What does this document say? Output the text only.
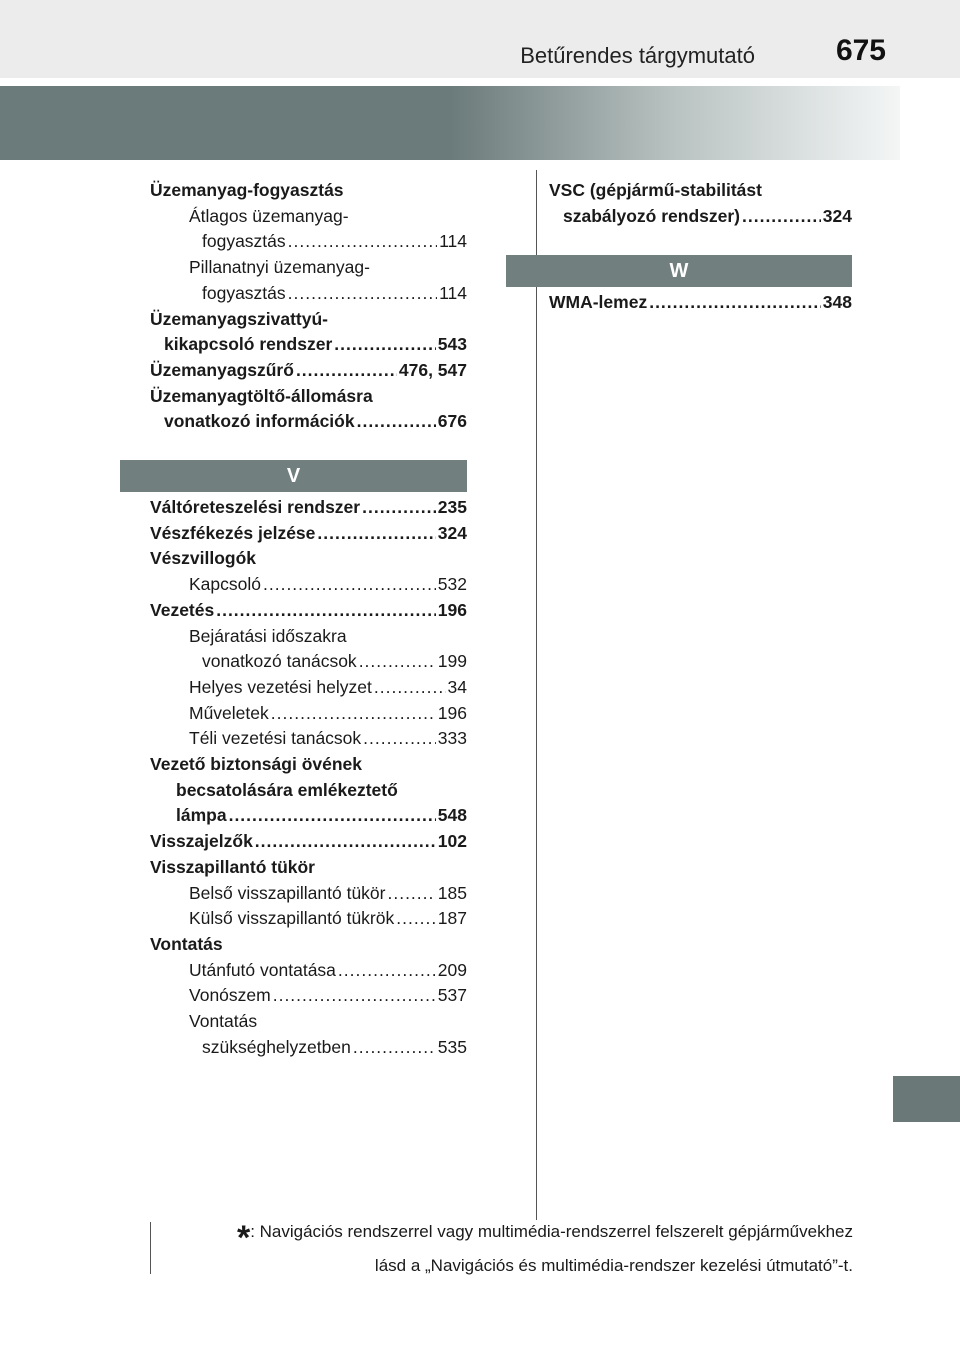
Betűrendes tárgymutató	675
Üzemanyag-fogyasztás
Átlagos üzemanyag-
fogyasztás .....	114
Pillanatnyi üzemanyag-
fogyasztás .....	114
Üzemanyagszivattyú-
kikapcsoló rendszer .....	543
Üzemanyagszűrő .....	476, 547
Üzemanyagtöltő-állomásra
vonatkozó információk .....	676
V
Váltóreteszelési rendszer .....	235
Vészfékezés jelzése .....	324
Vészvillogók
Kapcsoló .....	532
Vezetés .....	196
Bejáratási időszakra
vonatkozó tanácsok .....	199
Helyes vezetési helyzet .....	34
Műveletek .....	196
Téli vezetési tanácsok .....	333
Vezető biztonsági övének
becsatolására emlékeztető
lámpa .....	548
Visszajelzők .....	102
Visszapillantó tükör
Belső visszapillantó tükör .....	185
Külső visszapillantó tükrök ..... 187
Vontatás
Utánfutó vontatása .....	209
Vonószem .....	537
Vontatás
szükséghelyzetben .....	535
VSC (gépjármű-stabilitást
szabályozó rendszer) .....	324
W
WMA-lemez .....	348
*: Navigációs rendszerrel vagy multimédia-rendszerrel felszerelt gépjárművekhez
lásd a „Navigációs és multimédia-rendszer kezelési útmutató”-t.
